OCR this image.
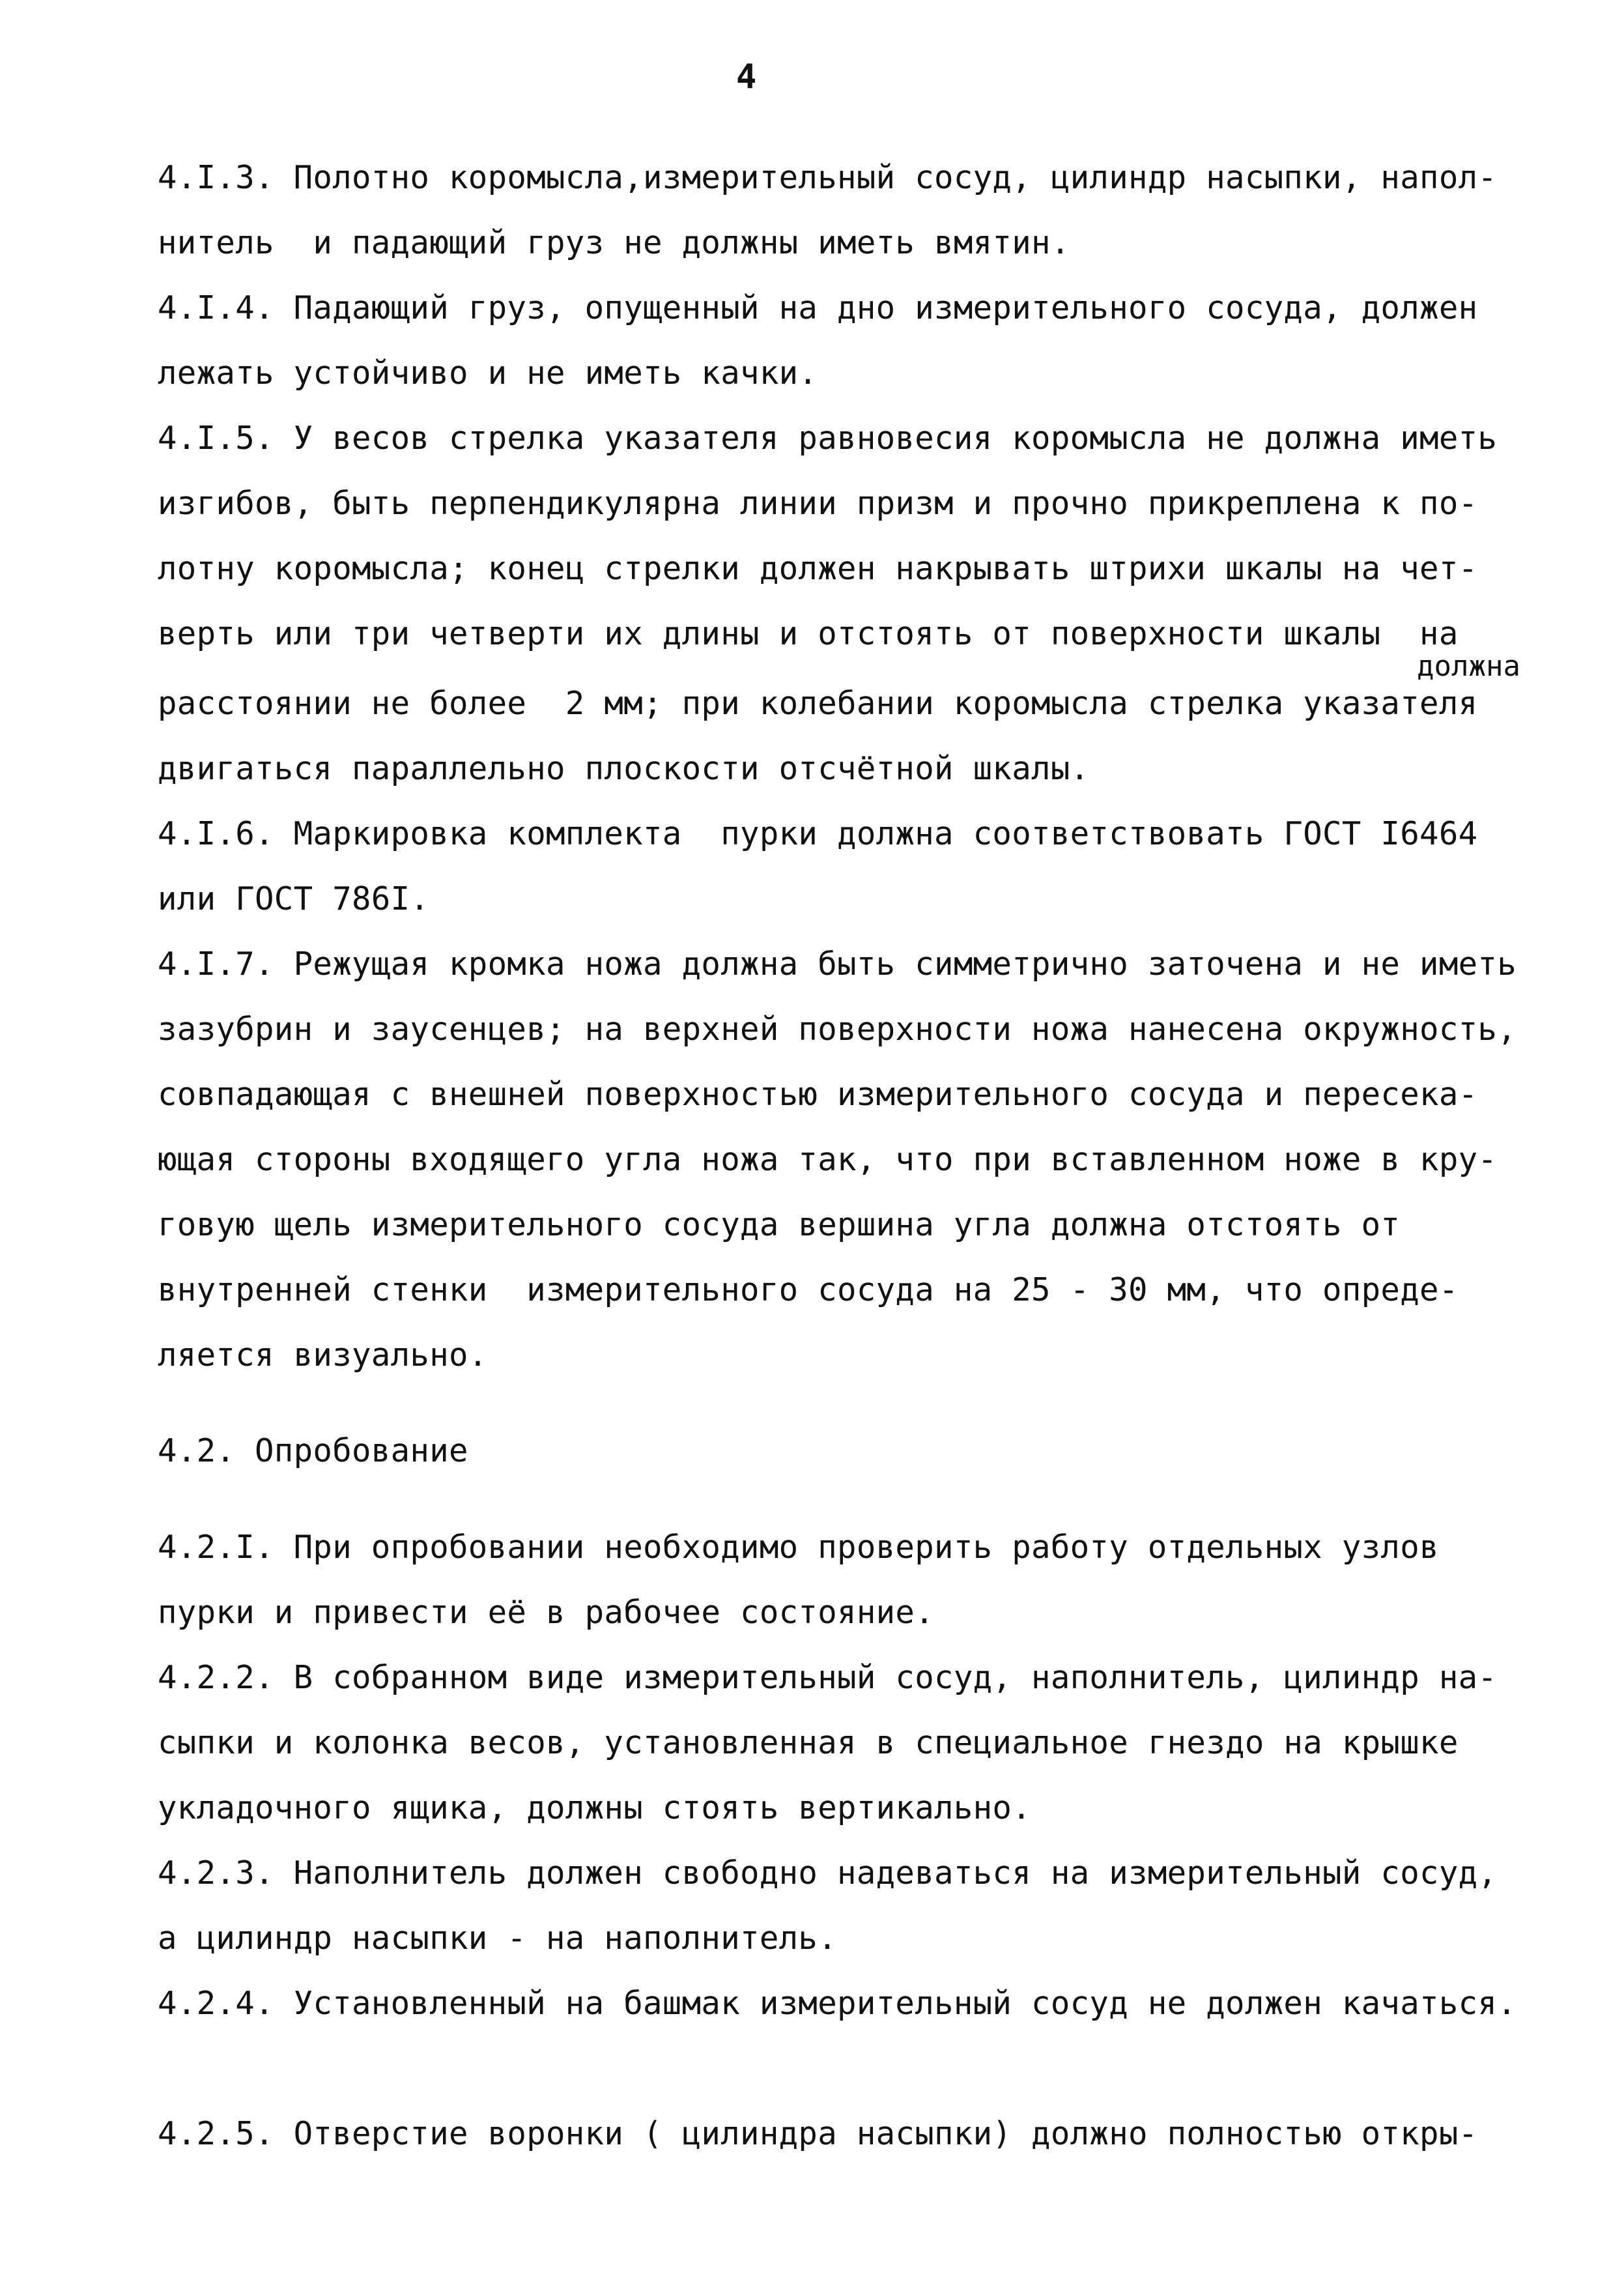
4
должна
4.I.3. Полотно коромысла,измерительный сосуд, цилиндр насыпки, напол-
нитель  и падающий груз не должны иметь вмятин.
4.I.4. Падающий груз, опущенный на дно измерительного сосуда, должен
лежать устойчиво и не иметь качки.
4.I.5. У весов стрелка указателя равновесия коромысла не должна иметь
изгибов, быть перпендикулярна линии призм и прочно прикреплена к по-
лотну коромысла; конец стрелки должен накрывать штрихи шкалы на чет-
верть или три четверти их длины и отстоять от поверхности шкалы  на
расстоянии не более  2 мм; при колебании коромысла стрелка указателя
двигаться параллельно плоскости отсчётной шкалы.
4.I.6. Маркировка комплекта  пурки должна соответствовать ГОСТ I6464
или ГОСТ 786I.
4.I.7. Режущая кромка ножа должна быть симметрично заточена и не иметь
зазубрин и заусенцев; на верхней поверхности ножа нанесена окружность,
совпадающая с внешней поверхностью измерительного сосуда и пересека-
ющая стороны входящего угла ножа так, что при вставленном ноже в кру-
говую щель измерительного сосуда вершина угла должна отстоять от
внутренней стенки  измерительного сосуда на 25 - 30 мм, что опреде-
ляется визуально.
4.2. Опробование
4.2.I. При опробовании необходимо проверить работу отдельных узлов
пурки и привести её в рабочее состояние.
4.2.2. В собранном виде измерительный сосуд, наполнитель, цилиндр на-
сыпки и колонка весов, установленная в специальное гнездо на крышке
укладочного ящика, должны стоять вертикально.
4.2.3. Наполнитель должен свободно надеваться на измерительный сосуд,
а цилиндр насыпки - на наполнитель.
4.2.4. Установленный на башмак измерительный сосуд не должен качаться.
4.2.5. Отверстие воронки ( цилиндра насыпки) должно полностью откры-
